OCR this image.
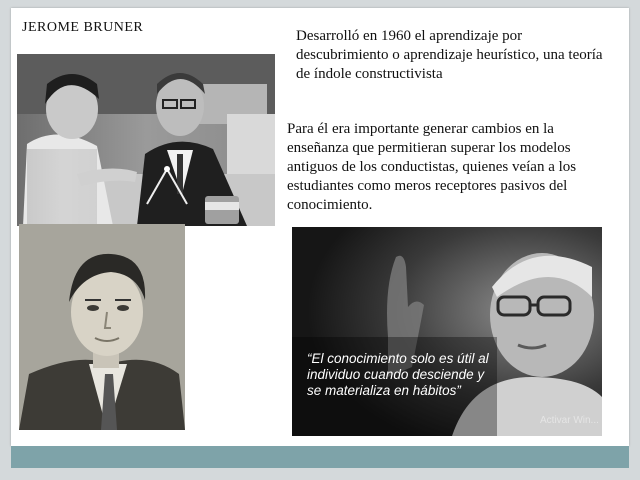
JEROME BRUNER
Desarrolló en 1960 el aprendizaje por descubrimiento o aprendizaje heurístico, una teoría de índole constructivista
Para él era importante generar cambios en la enseñanza que permitieran superar los modelos antiguos de los conductistas, quienes veían a los estudiantes como meros receptores pasivos del conocimiento.
“El conocimiento solo es útil al individuo cuando desciende y se materializa en hábitos”
Activar Win...
